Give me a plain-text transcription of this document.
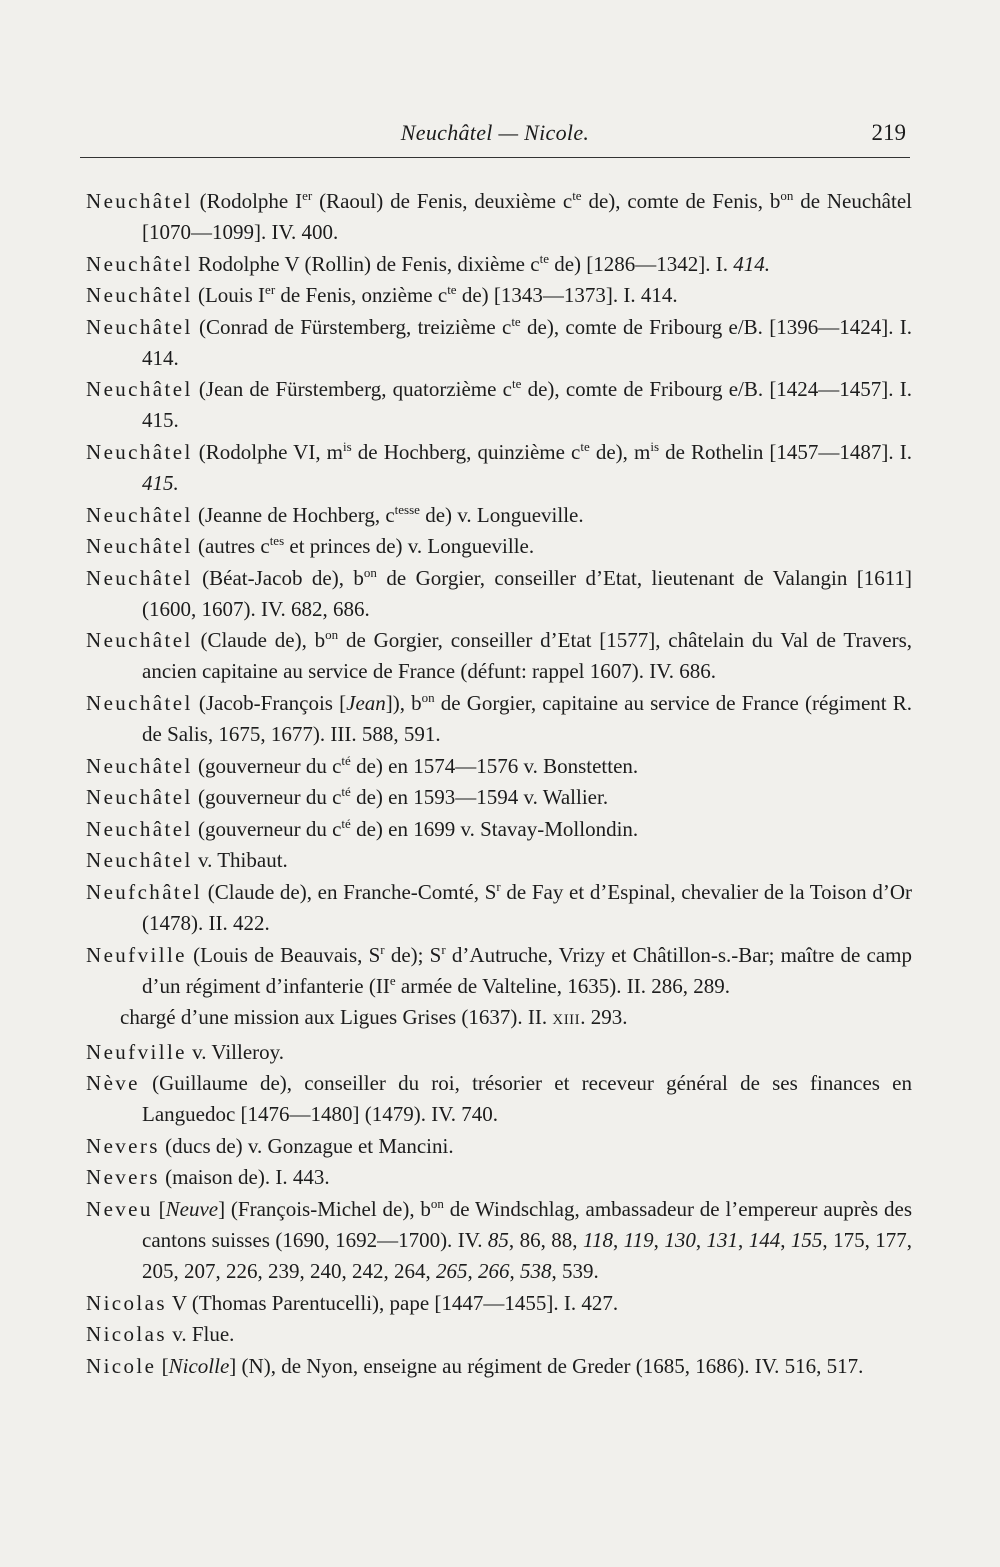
Neuchâtel — Nicole.	219

Neuchâtel (Rodolphe Ier (Raoul) de Fenis, deuxième $c^{te}$ de), comte de Fenis, $b^{on}$ de Neuchâtel [1070—1099]. IV. 400.

Neuchâtel Rodolphe V (Rollin) de Fenis, dixième $c^{te}$ de) [1286—1342]. I. 414.

Neuchâtel (Louis Ier de Fenis, onzième $c^{te}$ de) [1343—1373]. I. 414.

Neuchâtel (Conrad de Fürstemberg, treizième $c^{te}$ de), comte de Fribourg e/B. [1396—1424]. I. 414.

Neuchâtel (Jean de Fürstemberg, quatorzième $c^{te}$ de), comte de Fribourg e/B. [1424—1457]. I. 415.

Neuchâtel (Rodolphe VI, $m^{is}$ de Hochberg, quinzième $c^{te}$ de), $m^{is}$ de Rothelin [1457—1487]. I. 415.

Neuchâtel (Jeanne de Hochberg, $c^{tesse}$ de) v. Longueville.

Neuchâtel (autres $c^{tes}$ et princes de) v. Longueville.

Neuchâtel (Béat-Jacob de), $b^{on}$ de Gorgier, conseiller d’Etat, lieutenant de Valangin [1611] (1600, 1607). IV. 682, 686.

Neuchâtel (Claude de), $b^{on}$ de Gorgier, conseiller d’Etat [1577], châtelain du Val de Travers, ancien capitaine au service de France (défunt: rappel 1607). IV. 686.

Neuchâtel (Jacob-François [Jean]), $b^{on}$ de Gorgier, capitaine au service de France (régiment R. de Salis, 1675, 1677). III. 588, 591.

Neuchâtel (gouverneur du $c^{té}$ de) en 1574—1576 v. Bonstetten.

Neuchâtel (gouverneur du $c^{té}$ de) en 1593—1594 v. Wallier.

Neuchâtel (gouverneur du $c^{té}$ de) en 1699 v. Stavay-Mollondin.

Neuchâtel v. Thibaut.

Neufchâtel (Claude de), en Franche-Comté, $S^r$ de Fay et d’Espinal, chevalier de la Toison d’Or (1478). II. 422.

Neufville (Louis de Beauvais, $S^r$ de); $S^r$ d’Autruche, Vrizy et Châtillon-s.-Bar; maître de camp d’un régiment d’infanterie (IIe armée de Valteline, 1635). II. 286, 289.

chargé d’une mission aux Ligues Grises (1637). II. XIII. 293.

Neufville v. Villeroy.

Nève (Guillaume de), conseiller du roi, trésorier et receveur général de ses finances en Languedoc [1476—1480] (1479). IV. 740.

Nevers (ducs de) v. Gonzague et Mancini.

Nevers (maison de). I. 443.

Neveu [Neuve] (François-Michel de), $b^{on}$ de Windschlag, ambassadeur de l’empereur auprès des cantons suisses (1690, 1692—1700). IV. 85, 86, 88, 118, 119, 130, 131, 144, 155, 175, 177, 205, 207, 226, 239, 240, 242, 264, 265, 266, 538, 539.

Nicolas V (Thomas Parentucelli), pape [1447—1455]. I. 427.

Nicolas v. Flue.

Nicole [Nicolle] (N), de Nyon, enseigne au régiment de Greder (1685, 1686). IV. 516, 517.
